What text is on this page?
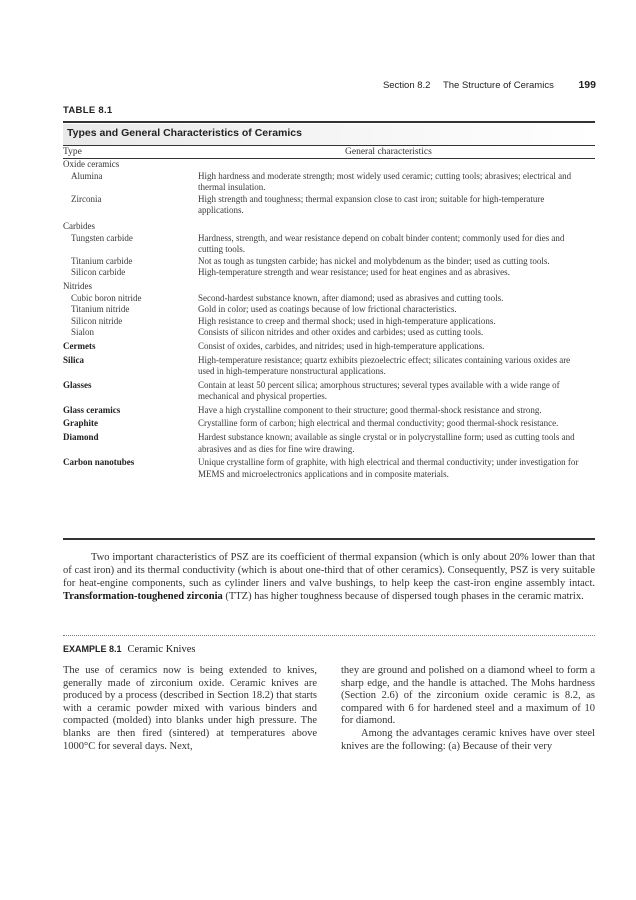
Section 8.2 The Structure of Ceramics 199
TABLE 8.1
Types and General Characteristics of Ceramics
Type	General characteristics
Oxide ceramics
Alumina	High hardness and moderate strength; most widely used ceramic; cutting tools; abrasives; electrical and thermal insulation.
Zirconia	High strength and toughness; thermal expansion close to cast iron; suitable for high-temperature applications.
Carbides
Tungsten carbide	Hardness, strength, and wear resistance depend on cobalt binder content; commonly used for dies and cutting tools.
Titanium carbide	Not as tough as tungsten carbide; has nickel and molybdenum as the binder; used as cutting tools.
Silicon carbide	High-temperature strength and wear resistance; used for heat engines and as abrasives.
Nitrides
Cubic boron nitride	Second-hardest substance known, after diamond; used as abrasives and cutting tools.
Titanium nitride	Gold in color; used as coatings because of low frictional characteristics.
Silicon nitride	High resistance to creep and thermal shock; used in high-temperature applications.
Sialon	Consists of silicon nitrides and other oxides and carbides; used as cutting tools.
Cermets	Consist of oxides, carbides, and nitrides; used in high-temperature applications.
Silica	High-temperature resistance; quartz exhibits piezoelectric effect; silicates containing various oxides are used in high-temperature nonstructural applications.
Glasses	Contain at least 50 percent silica; amorphous structures; several types available with a wide range of mechanical and physical properties.
Glass ceramics	Have a high crystalline component to their structure; good thermal-shock resistance and strong.
Graphite	Crystalline form of carbon; high electrical and thermal conductivity; good thermal-shock resistance.
Diamond	Hardest substance known; available as single crystal or in polycrystalline form; used as cutting tools and abrasives and as dies for fine wire drawing.
Carbon nanotubes	Unique crystalline form of graphite, with high electrical and thermal conductivity; under investigation for MEMS and microelectronics applications and in composite materials.

Two important characteristics of PSZ are its coefficient of thermal expansion (which is only about 20% lower than that of cast iron) and its thermal conductivity (which is about one-third that of other ceramics). Consequently, PSZ is very suitable for heat-engine components, such as cylinder liners and valve bushings, to help keep the cast-iron engine assembly intact. Transformation-toughened zirconia (TTZ) has higher toughness because of dispersed tough phases in the ceramic matrix.

EXAMPLE 8.1 Ceramic Knives

The use of ceramics now is being extended to knives, generally made of zirconium oxide. Ceramic knives are produced by a process (described in Section 18.2) that starts with a ceramic powder mixed with various binders and compacted (molded) into blanks under high pressure. The blanks are then fired (sintered) at temperatures above 1000°C for several days. Next,

they are ground and polished on a diamond wheel to form a sharp edge, and the handle is attached. The Mohs hardness (Section 2.6) of the zirconium oxide ceramic is 8.2, as compared with 6 for hardened steel and a maximum of 10 for diamond.

Among the advantages ceramic knives have over steel knives are the following: (a) Because of their very
